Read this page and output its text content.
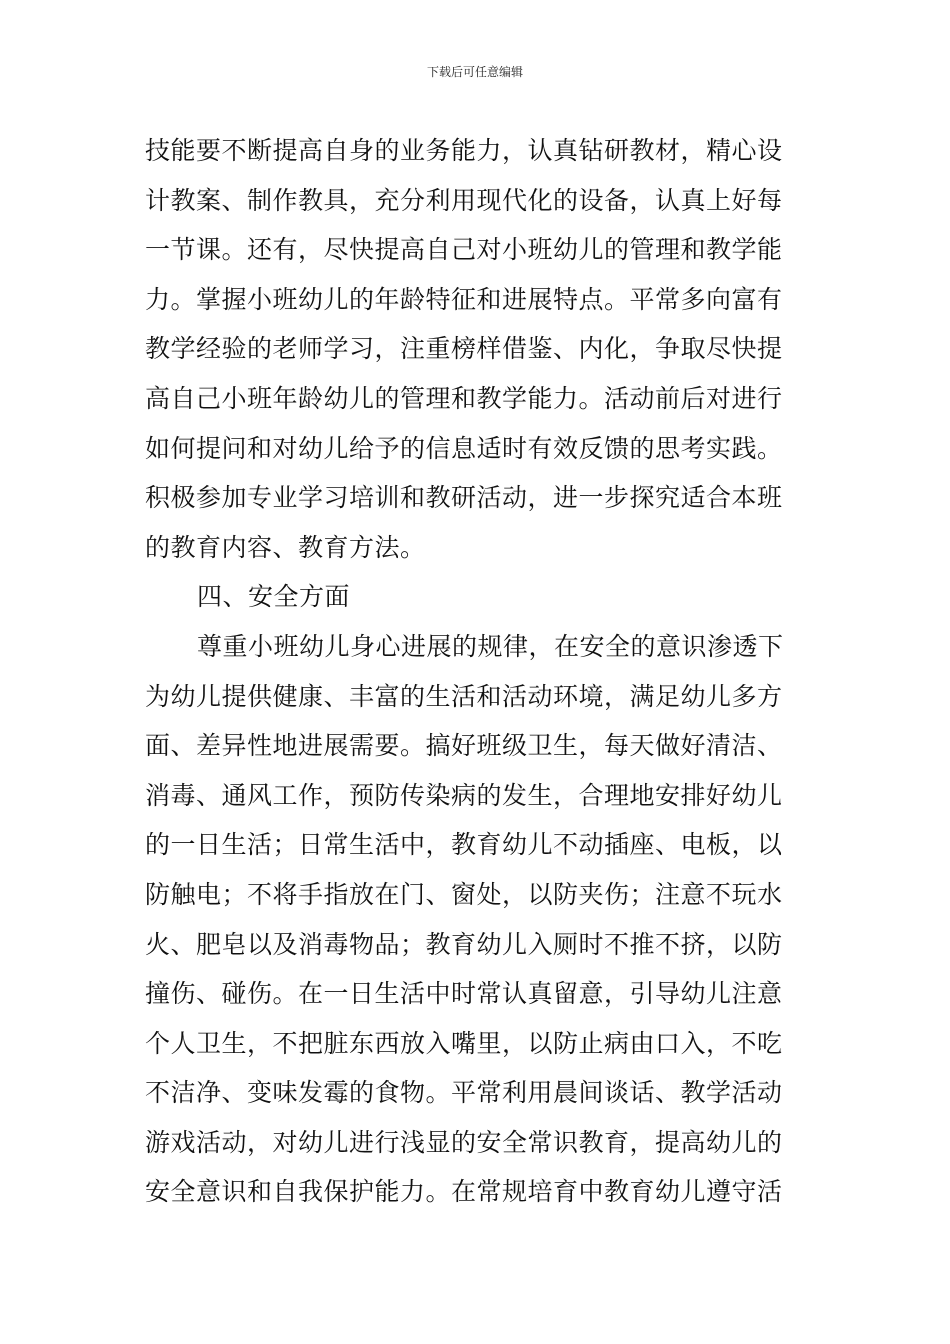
下载后可任意编辑
技能要不断提高自身的业务能力，认真钻研教材，精心设
计教案、制作教具，充分利用现代化的设备，认真上好每
一节课。还有，尽快提高自己对小班幼儿的管理和教学能
力。掌握小班幼儿的年龄特征和进展特点。平常多向富有
教学经验的老师学习，注重榜样借鉴、内化，争取尽快提
高自己小班年龄幼儿的管理和教学能力。活动前后对进行
如何提问和对幼儿给予的信息适时有效反馈的思考实践。
积极参加专业学习培训和教研活动，进一步探究适合本班
的教育内容、教育方法。
四、安全方面
尊重小班幼儿身心进展的规律，在安全的意识渗透下
为幼儿提供健康、丰富的生活和活动环境，满足幼儿多方
面、差异性地进展需要。搞好班级卫生，每天做好清洁、
消毒、通风工作，预防传染病的发生，合理地安排好幼儿
的一日生活；日常生活中，教育幼儿不动插座、电板，以
防触电；不将手指放在门、窗处，以防夹伤；注意不玩水
火、肥皂以及消毒物品；教育幼儿入厕时不推不挤，以防
撞伤、碰伤。在一日生活中时常认真留意，引导幼儿注意
个人卫生，不把脏东西放入嘴里，以防止病由口入，不吃
不洁净、变味发霉的食物。平常利用晨间谈话、教学活动
游戏活动，对幼儿进行浅显的安全常识教育，提高幼儿的
安全意识和自我保护能力。在常规培育中教育幼儿遵守活
